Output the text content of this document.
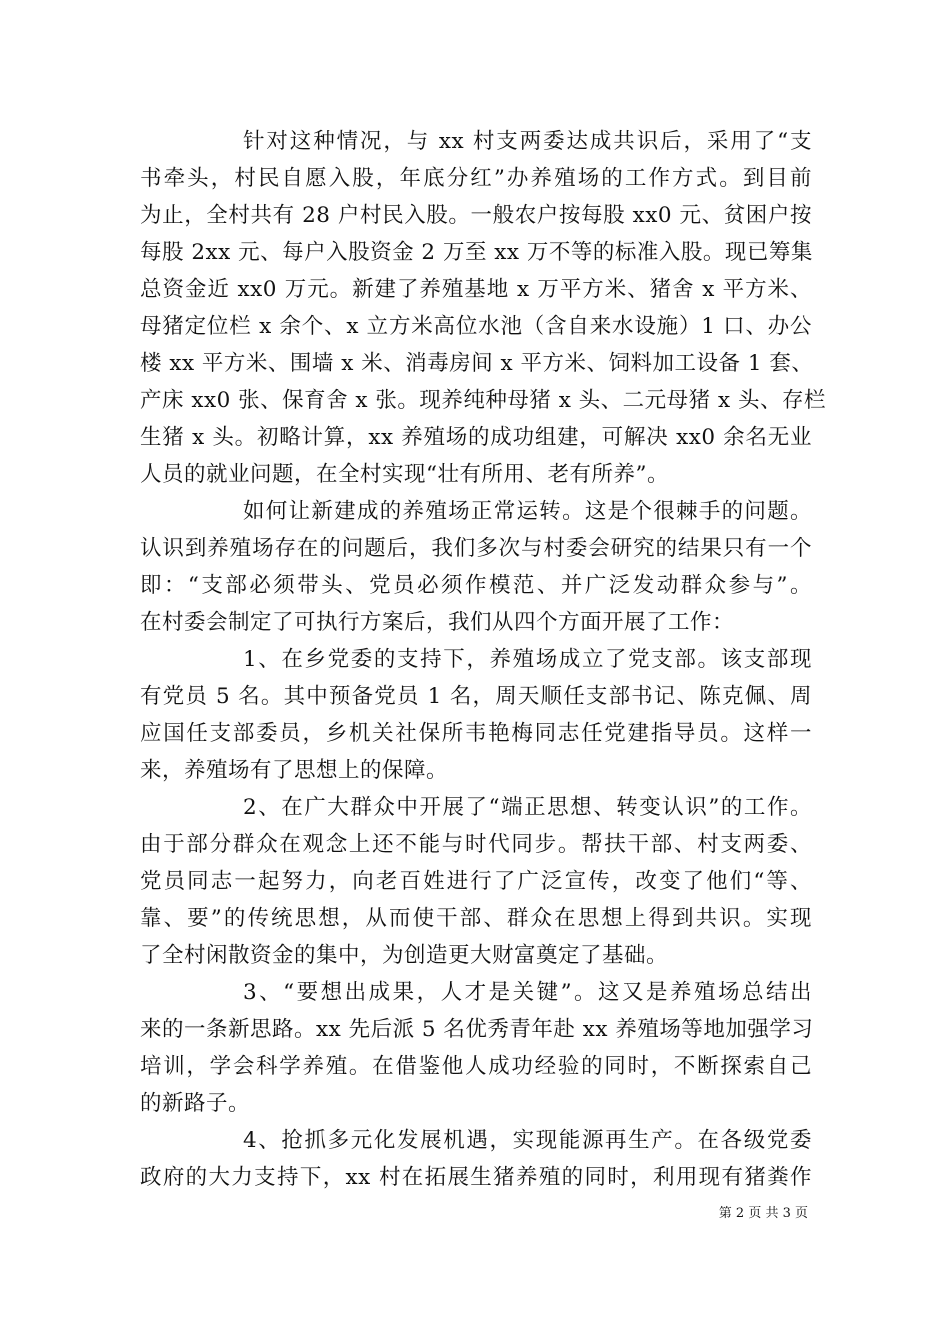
针对这种情况，与 xx 村支两委达成共识后，采用了“支
书牵头，村民自愿入股，年底分红”办养殖场的工作方式。到目前
为止，全村共有 28 户村民入股。一般农户按每股 xx0 元、贫困户按
每股 2xx 元、每户入股资金 2 万至 xx 万不等的标准入股。现已筹集
总资金近 xx0 万元。新建了养殖基地 x 万平方米、猪舍 x 平方米、
母猪定位栏 x 余个、x 立方米高位水池（含自来水设施）1 口、办公
楼 xx 平方米、围墙 x 米、消毒房间 x 平方米、饲料加工设备 1 套、
产床 xx0 张、保育舍 x 张。现养纯种母猪 x 头、二元母猪 x 头、存栏
生猪 x 头。初略计算，xx 养殖场的成功组建，可解决 xx0 余名无业
人员的就业问题，在全村实现“壮有所用、老有所养”。
如何让新建成的养殖场正常运转。这是个很棘手的问题。
认识到养殖场存在的问题后，我们多次与村委会研究的结果只有一个
即：“支部必须带头、党员必须作模范、并广泛发动群众参与”。
在村委会制定了可执行方案后，我们从四个方面开展了工作：
1、在乡党委的支持下，养殖场成立了党支部。该支部现
有党员 5 名。其中预备党员 1 名，周天顺任支部书记、陈克佩、周
应国任支部委员，乡机关社保所韦艳梅同志任党建指导员。这样一
来，养殖场有了思想上的保障。
2、在广大群众中开展了“端正思想、转变认识”的工作。
由于部分群众在观念上还不能与时代同步。帮扶干部、村支两委、
党员同志一起努力，向老百姓进行了广泛宣传，改变了他们“等、
靠、要”的传统思想，从而使干部、群众在思想上得到共识。实现
了全村闲散资金的集中，为创造更大财富奠定了基础。
3、“要想出成果，人才是关键”。这又是养殖场总结出
来的一条新思路。xx 先后派 5 名优秀青年赴 xx 养殖场等地加强学习
培训，学会科学养殖。在借鉴他人成功经验的同时，不断探索自己
的新路子。
4、抢抓多元化发展机遇，实现能源再生产。在各级党委
政府的大力支持下，xx 村在拓展生猪养殖的同时，利用现有猪粪作
第 2 页 共 3 页
